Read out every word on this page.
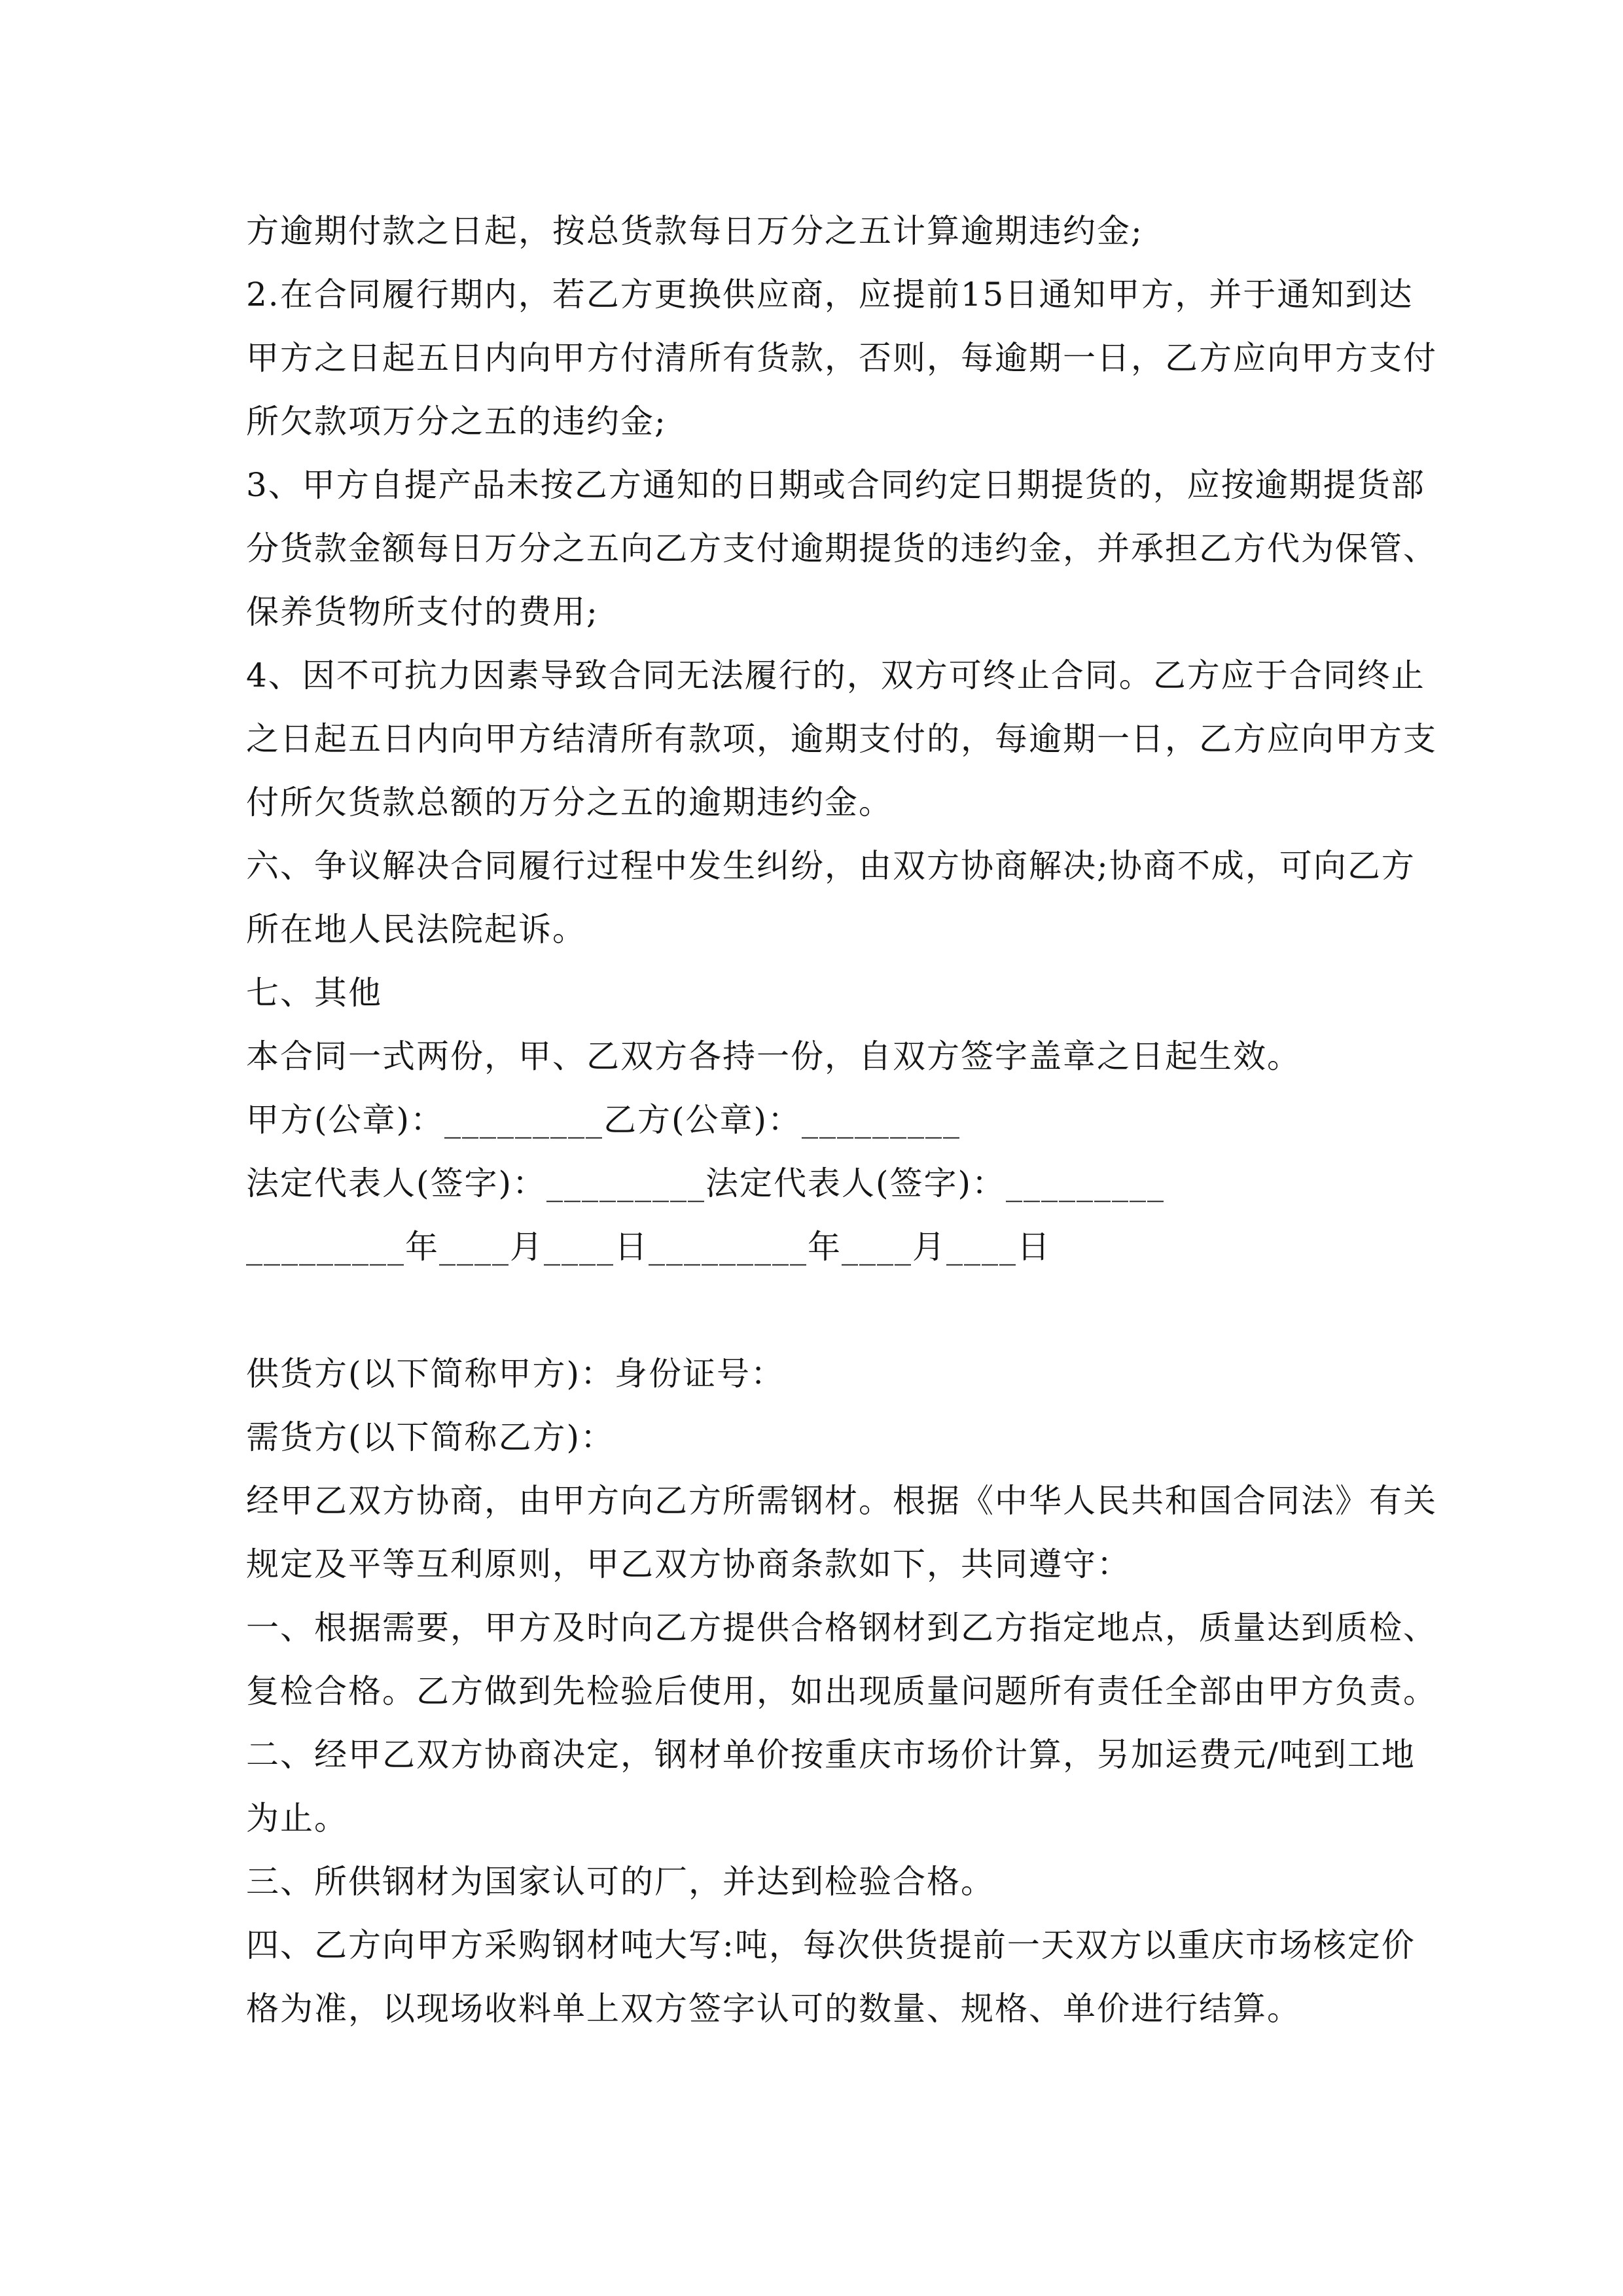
方逾期付款之日起，按总货款每日万分之五计算逾期违约金;
2.在合同履行期内，若乙方更换供应商，应提前15日通知甲方，并于通知到达
甲方之日起五日内向甲方付清所有货款，否则，每逾期一日，乙方应向甲方支付
所欠款项万分之五的违约金;
3、甲方自提产品未按乙方通知的日期或合同约定日期提货的，应按逾期提货部
分货款金额每日万分之五向乙方支付逾期提货的违约金，并承担乙方代为保管、
保养货物所支付的费用;
4、因不可抗力因素导致合同无法履行的，双方可终止合同。乙方应于合同终止
之日起五日内向甲方结清所有款项，逾期支付的，每逾期一日，乙方应向甲方支
付所欠货款总额的万分之五的逾期违约金。
六、争议解决合同履行过程中发生纠纷，由双方协商解决;协商不成，可向乙方
所在地人民法院起诉。
七、其他
本合同一式两份，甲、乙双方各持一份，自双方签字盖章之日起生效。
甲方(公章)：_________乙方(公章)：_________
法定代表人(签字)：_________法定代表人(签字)：_________
_________年____月____日_________年____月____日
供货方(以下简称甲方)：身份证号：
需货方(以下简称乙方)：
经甲乙双方协商，由甲方向乙方所需钢材。根据《中华人民共和国合同法》有关
规定及平等互利原则，甲乙双方协商条款如下，共同遵守：
一、根据需要，甲方及时向乙方提供合格钢材到乙方指定地点，质量达到质检、
复检合格。乙方做到先检验后使用，如出现质量问题所有责任全部由甲方负责。
二、经甲乙双方协商决定，钢材单价按重庆市场价计算，另加运费元/吨到工地
为止。
三、所供钢材为国家认可的厂，并达到检验合格。
四、乙方向甲方采购钢材吨大写:吨，每次供货提前一天双方以重庆市场核定价
格为准，以现场收料单上双方签字认可的数量、规格、单价进行结算。
